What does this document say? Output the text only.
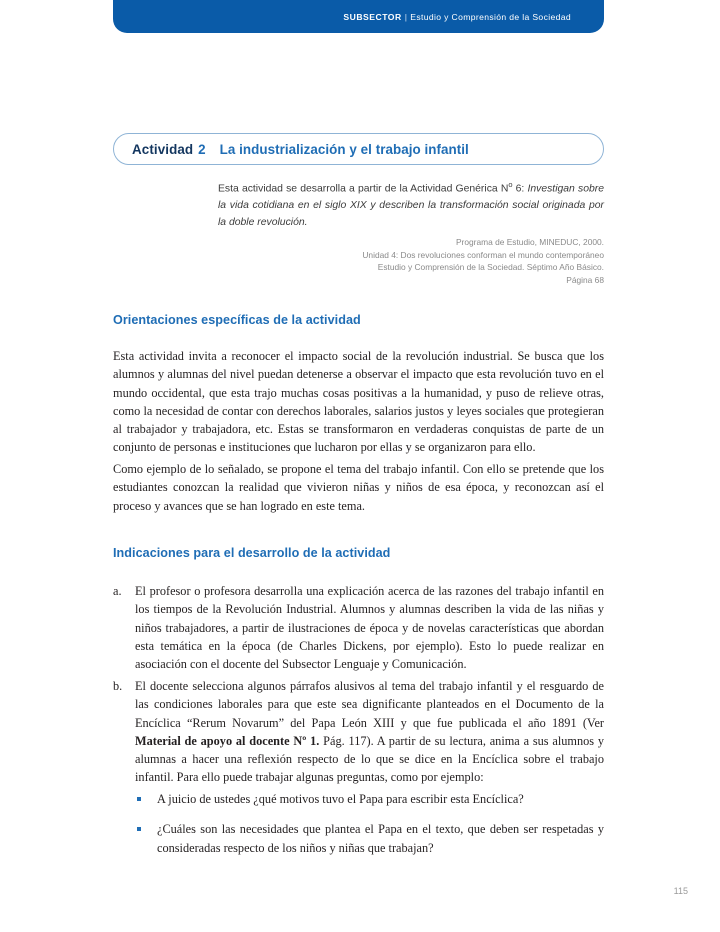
SUBSECTOR | Estudio y Comprensión de la Sociedad
Actividad 2 La industrialización y el trabajo infantil
Esta actividad se desarrolla a partir de la Actividad Genérica $N^o$ 6: Investigan sobre la vida cotidiana en el siglo XIX y describen la transformación social originada por la doble revolución.
Programa de Estudio, MINEDUC, 2000.
Unidad 4: Dos revoluciones conforman el mundo contemporáneo
Estudio y Comprensión de la Sociedad. Séptimo Año Básico.
Página 68
Orientaciones específicas de la actividad

Esta actividad invita a reconocer el impacto social de la revolución industrial. Se busca que los alumnos y alumnas del nivel puedan detenerse a observar el impacto que esta revolución tuvo en el mundo occidental, que esta trajo muchas cosas positivas a la humanidad, y puso de relieve otras, como la necesidad de contar con derechos laborales, salarios justos y leyes sociales que protegieran al trabajador y trabajadora, etc. Estas se transformaron en verdaderas conquistas de parte de un conjunto de personas e instituciones que lucharon por ellas y se organizaron para ello.

Como ejemplo de lo señalado, se propone el tema del trabajo infantil. Con ello se pretende que los estudiantes conozcan la realidad que vivieron niñas y niños de esa época, y reconozcan así el proceso y avances que se han logrado en este tema.

Indicaciones para el desarrollo de la actividad
a.	El profesor o profesora desarrolla una explicación acerca de las razones del trabajo infantil en los tiempos de la Revolución Industrial. Alumnos y alumnas describen la vida de las niñas y niños trabajadores, a partir de ilustraciones de época y de novelas características que abordan esta temática en la época (de Charles Dickens, por ejemplo). Esto lo puede realizar en asociación con el docente del Subsector Lenguaje y Comunicación.
b.	El docente selecciona algunos párrafos alusivos al tema del trabajo infantil y el resguardo de las condiciones laborales para que este sea dignificante planteados en el Documento de la Encíclica “Rerum Novarum” del Papa León XIII y que fue publicada el año 1891 (Ver Material de apoyo al docente Nº 1. Pág. 117). A partir de su lectura, anima a sus alumnos y alumnas a hacer una reflexión respecto de lo que se dice en la Encíclica sobre el trabajo infantil. Para ello puede trabajar algunas preguntas, como por ejemplo:
A juicio de ustedes ¿qué motivos tuvo el Papa para escribir esta Encíclica?
¿Cuáles son las necesidades que plantea el Papa en el texto, que deben ser respetadas y consideradas respecto de los niños y niñas que trabajan?
115
